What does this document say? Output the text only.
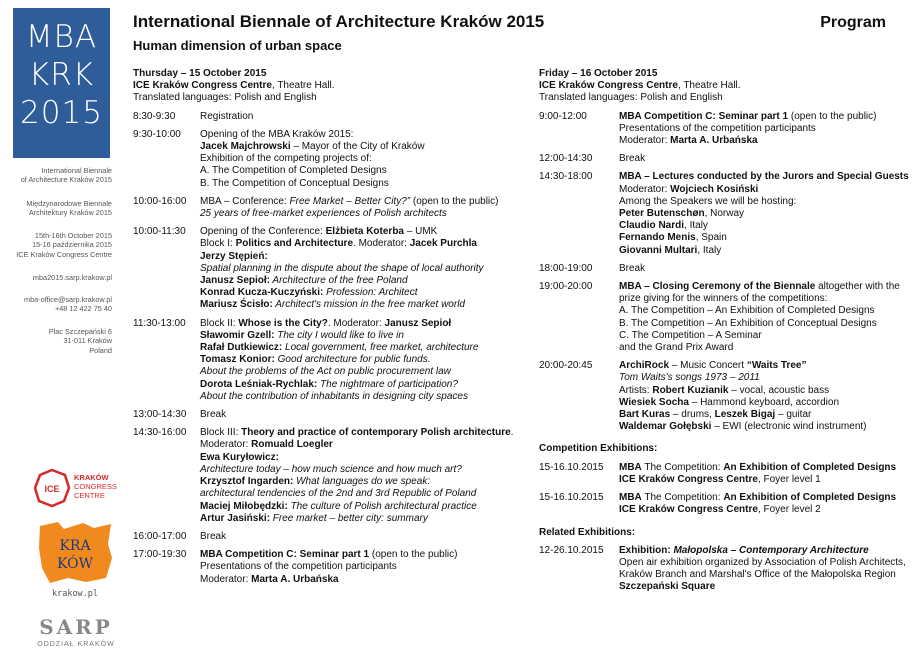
MBA
KRK
2015
International Biennale
of Architecture Kraków 2015
Międzynarodowe Biennale
Architektury Kraków 2015
15th-16th October 2015
15-16 października 2015
ICE Kraków Congress Centre
mba2015.sarp.krakow.pl
mba-office@sarp.krakow.pl
+48 12 422 75 40
Plac Szczepański 6
31-011 Kraków
Poland
ICE
KRAKÓW
CONGRESS
CENTRE
KRA
KÓW
krakow.pl
SARP
ODDZIAŁ KRAKÓW
International Biennale of Architecture Kraków 2015
Human dimension of urban space
Program

Thursday – 15 October 2015

ICE Kraków Congress Centre, Theatre Hall.

Translated languages: Polish and English

8:30-9:30	Registration

9:30-10:00	Opening of the MBA Kraków 2015:

Jacek Majchrowski – Mayor of the City of Kraków

Exhibition of the competing projects of:

A. The Competition of Completed Designs

B. The Competition of Conceptual Designs

10:00-16:00	MBA – Conference: Free Market – Better City?” (open to the public)

25 years of free-market experiences of Polish architects

10:00-11:30	Opening of the Conference: Elżbieta Koterba – UMK

Block I: Politics and Architecture. Moderator: Jacek Purchla

Jerzy Stępień:

Spatial planning in the dispute about the shape of local authority

Janusz Sepioł: Architecture of the free Poland

Konrad Kucza-Kuczyński: Profession: Architect

Mariusz Ścisło: Architect's mission in the free market world

11:30-13:00	Block II: Whose is the City?. Moderator: Janusz Sepioł

Sławomir Gzell: The city I would like to live in

Rafał Dutkiewicz: Local government, free market, architecture

Tomasz Konior: Good architecture for public funds.

About the problems of the Act on public procurement law

Dorota Leśniak-Rychlak: The nightmare of participation?

About the contribution of inhabitants in designing city spaces

13:00-14:30	Break

14:30-16:00	Block III: Theory and practice of contemporary Polish architecture. Moderator: Romuald Loegler

Ewa Kuryłowicz:

Architecture today – how much science and how much art?

Krzysztof Ingarden: What languages do we speak:

architectural tendencies of the 2nd and 3rd Republic of Poland

Maciej Miłobędzki: The culture of Polish architectural practice

Artur Jasiński: Free market – better city: summary

16:00-17:00	Break

17:00-19:30	MBA Competition C: Seminar part 1 (open to the public)

Presentations of the competition participants

Moderator: Marta A. Urbańska

Friday – 16 October 2015

ICE Kraków Congress Centre, Theatre Hall.

Translated languages: Polish and English

9:00-12:00	MBA Competition C: Seminar part 1 (open to the public)

Presentations of the competition participants

Moderator: Marta A. Urbańska

12:00-14:30	Break

14:30-18:00	MBA – Lectures conducted by the Jurors and Special Guests

Moderator: Wojciech Kosiński

Among the Speakers we will be hosting:

Peter Butenschøn, Norway

Claudio Nardi, Italy

Fernando Menis, Spain

Giovanni Multari, Italy

18:00-19:00	Break

19:00-20:00	MBA – Closing Ceremony of the Biennale altogether with the prize giving for the winners of the competitions:

A. The Competition – An Exhibition of Completed Designs

B. The Competition – An Exhibition of Conceptual Designs

C. The Competition – A Seminar

and the Grand Prix Award

20:00-20:45	ArchiRock – Music Concert “Waits Tree”

Tom Waits's songs 1973 – 2011

Artists: Robert Kuzianik – vocal, acoustic bass

Wiesiek Socha – Hammond keyboard, accordion

Bart Kuras – drums, Leszek Bigaj – guitar

Waldemar Gołębski – EWI (electronic wind instrument)

Competition Exhibitions:
15-16.10.2015	MBA The Competition: An Exhibition of Completed Designs

ICE Kraków Congress Centre, Foyer level 1

15-16.10.2015	MBA The Competition: An Exhibition of Completed Designs

ICE Kraków Congress Centre, Foyer level 2

Related Exhibitions:
12-26.10.2015	Exhibition: Małopolska – Contemporary Architecture

Open air exhibition organized by Association of Polish Architects, Kraków Branch and Marshal's Office of the Małopolska Region

Szczepański Square
